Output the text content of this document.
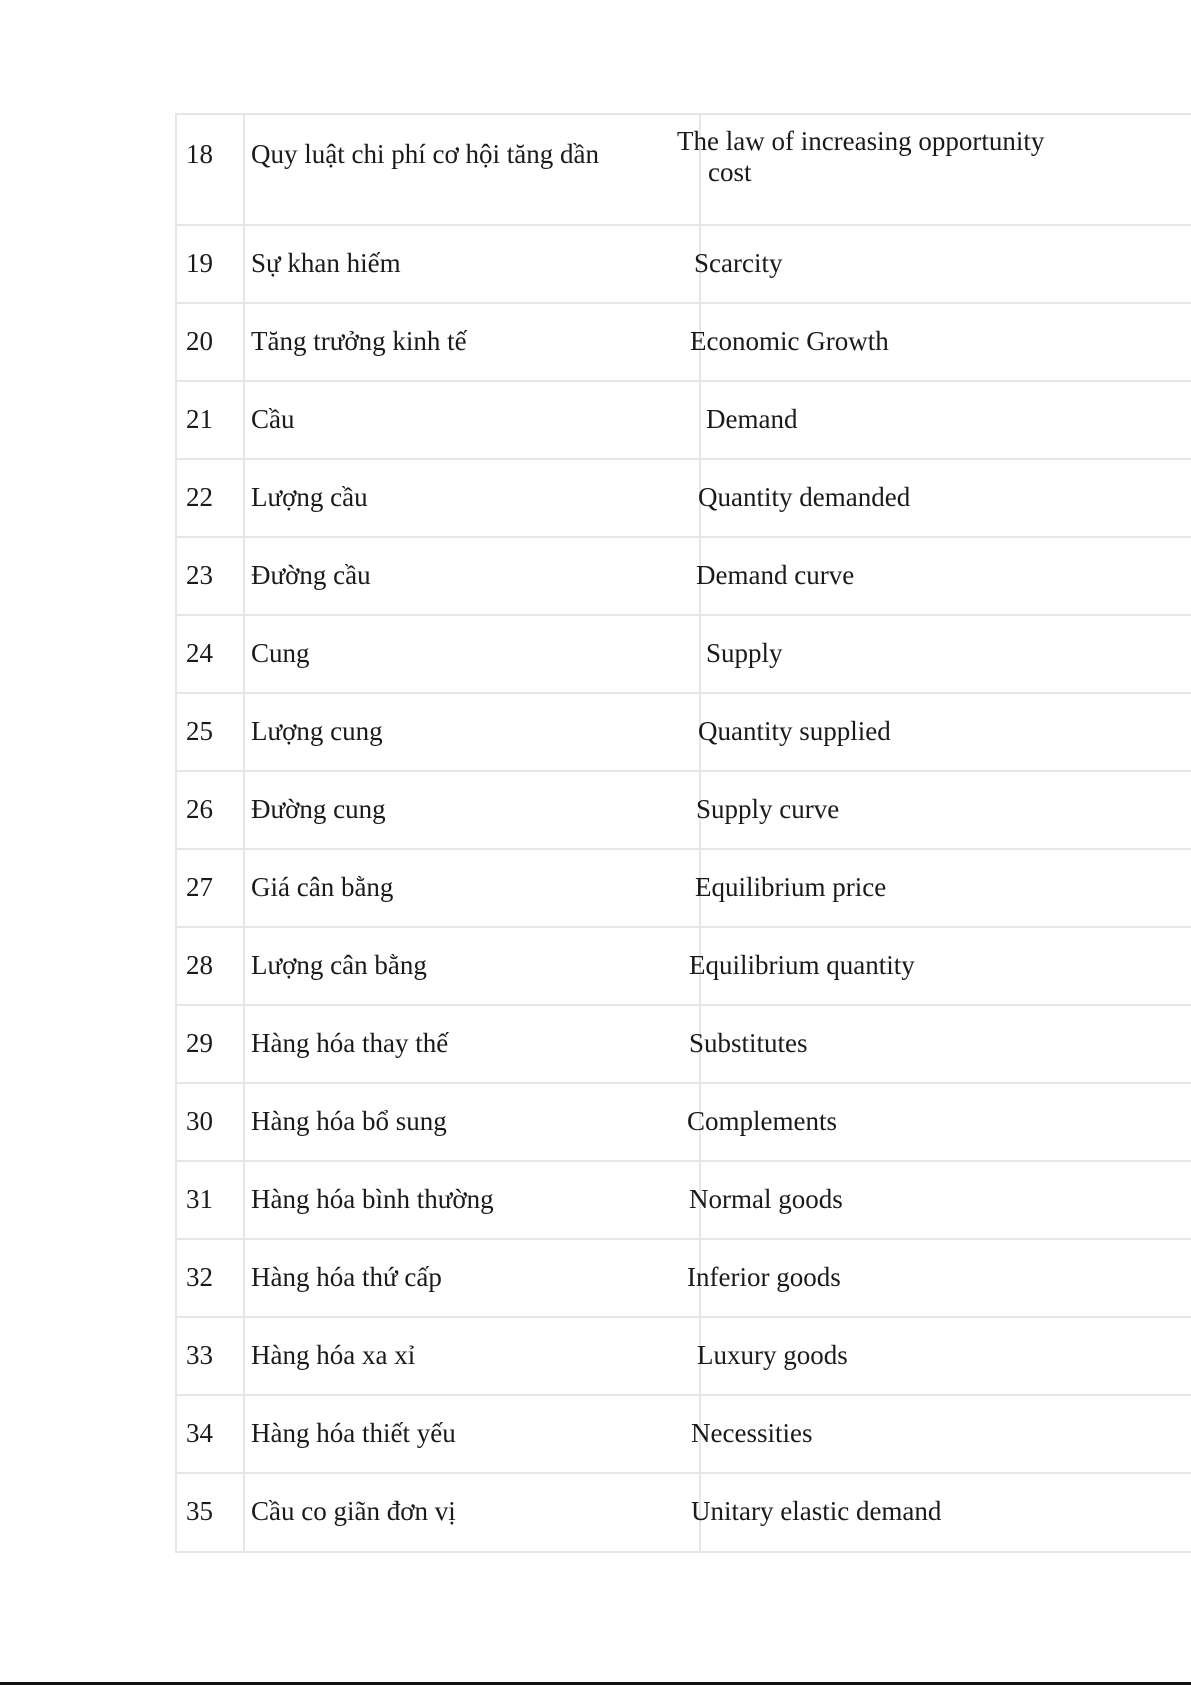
18	Quy luật chi phí cơ hội tăng dần	The law of increasing opportunity
cost

19	Sự khan hiếm	Scarcity

20	Tăng trưởng kinh tế	Economic Growth

21	Cầu	Demand

22	Lượng cầu	Quantity demanded

23	Đường cầu	Demand curve

24	Cung	Supply

25	Lượng cung	Quantity supplied

26	Đường cung	Supply curve

27	Giá cân bằng	Equilibrium price

28	Lượng cân bằng	Equilibrium quantity

29	Hàng hóa thay thế	Substitutes

30	Hàng hóa bổ sung	Complements

31	Hàng hóa bình thường	Normal goods

32	Hàng hóa thứ cấp	Inferior goods

33	Hàng hóa xa xỉ	Luxury goods

34	Hàng hóa thiết yếu	Necessities

35	Cầu co giãn đơn vị	Unitary elastic demand
